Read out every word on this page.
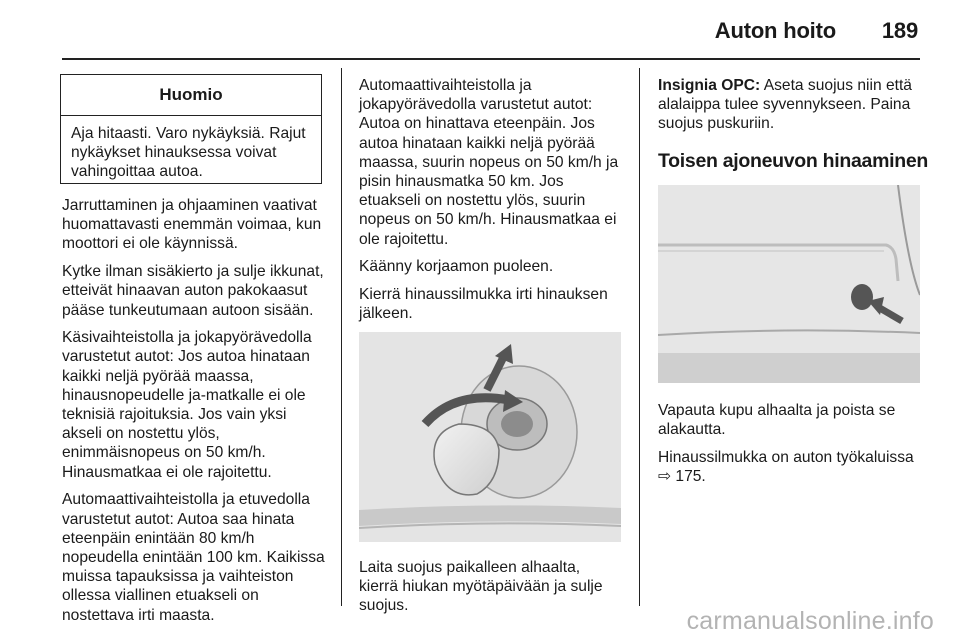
Auton hoito 189
Huomio
Aja hitaasti. Varo nykäyksiä. Rajut nykäykset hinauksessa voivat vahingoittaa autoa.

Jarruttaminen ja ohjaaminen vaativat huomattavasti enemmän voimaa, kun moottori ei ole käynnissä.

Kytke ilman sisäkierto ja sulje ikkunat, etteivät hinaavan auton pakokaasut pääse tunkeutumaan autoon sisään.

Käsivaihteistolla ja jokapyörävedolla varustetut autot: Jos autoa hinataan kaikki neljä pyörää maassa, hinausnopeudelle ja-matkalle ei ole teknisiä rajoituksia. Jos vain yksi akseli on nostettu ylös, enimmäisnopeus on 50 km/h. Hinausmatkaa ei ole rajoitettu.

Automaattivaihteistolla ja etuvedolla varustetut autot: Autoa saa hinata eteenpäin enintään 80 km/h nopeudella enintään 100 km. Kaikissa muissa tapauksissa ja vaihteiston ollessa viallinen etuakseli on nostettava irti maasta.

Automaattivaihteistolla ja jokapyörävedolla varustetut autot: Autoa on hinattava eteenpäin. Jos autoa hinataan kaikki neljä pyörää maassa, suurin nopeus on 50 km/h ja pisin hinausmatka 50 km. Jos etuakseli on nostettu ylös, suurin nopeus on 50 km/h. Hinausmatkaa ei ole rajoitettu.

Käänny korjaamon puoleen.

Kierrä hinaussilmukka irti hinauksen jälkeen.

Laita suojus paikalleen alhaalta, kierrä hiukan myötäpäivään ja sulje suojus.

Insignia OPC: Aseta suojus niin että alalaippa tulee syvennykseen. Paina suojus puskuriin.

Toisen ajoneuvon hinaaminen

Vapauta kupu alhaalta ja poista se alakautta.

Hinaussilmukka on auton työkaluissa
⇨ 175.

carmanualsonline.info
